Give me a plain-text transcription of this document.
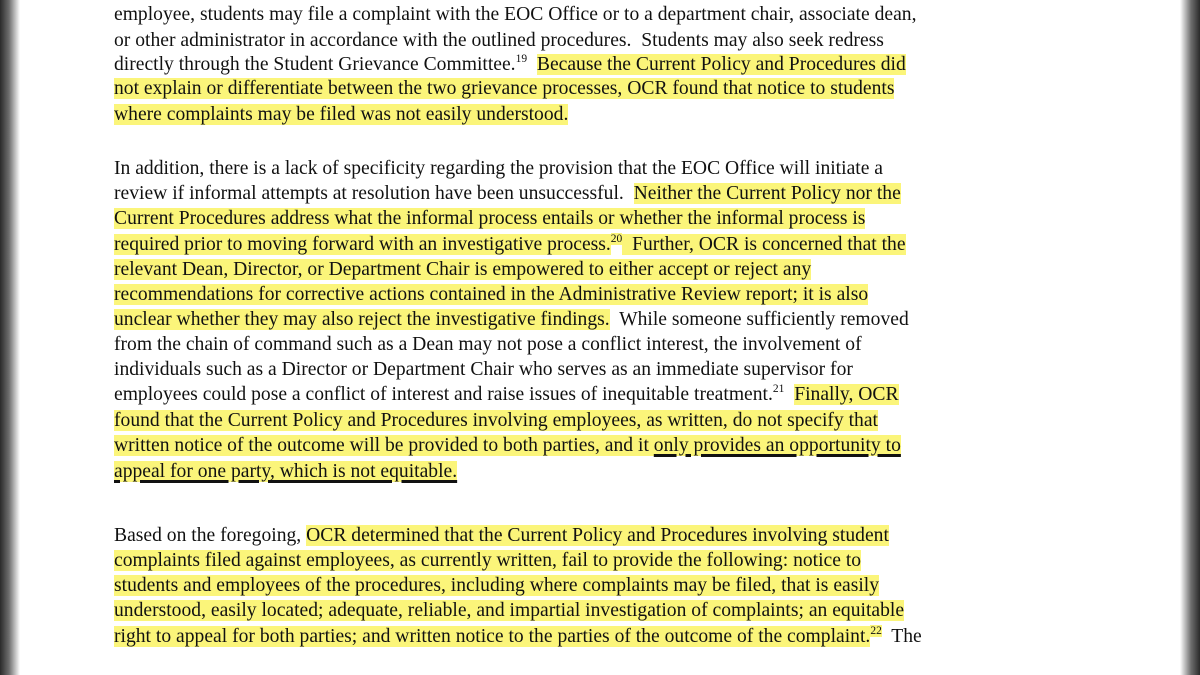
employee, students may file a complaint with the EOC Office or to a department chair, associate dean,
or other administrator in accordance with the outlined procedures.  Students may also seek redress
directly through the Student Grievance Committee.$^{19}$ Because the Current Policy and Procedures did
not explain or differentiate between the two grievance processes, OCR found that notice to students
where complaints may be filed was not easily understood.
In addition, there is a lack of specificity regarding the provision that the EOC Office will initiate a
review if informal attempts at resolution have been unsuccessful.  Neither the Current Policy nor the
Current Procedures address what the informal process entails or whether the informal process is
required prior to moving forward with an investigative process.$^{20}$  Further, OCR is concerned that the
relevant Dean, Director, or Department Chair is empowered to either accept or reject any
recommendations for corrective actions contained in the Administrative Review report; it is also
unclear whether they may also reject the investigative findings.  While someone sufficiently removed
from the chain of command such as a Dean may not pose a conflict interest, the involvement of
individuals such as a Director or Department Chair who serves as an immediate supervisor for
employees could pose a conflict of interest and raise issues of inequitable treatment.$^{21}$ Finally, OCR
found that the Current Policy and Procedures involving employees, as written, do not specify that
written notice of the outcome will be provided to both parties, and it only provides an opportunity to
appeal for one party, which is not equitable.
Based on the foregoing, OCR determined that the Current Policy and Procedures involving student
complaints filed against employees, as currently written, fail to provide the following: notice to
students and employees of the procedures, including where complaints may be filed, that is easily
understood, easily located; adequate, reliable, and impartial investigation of complaints; an equitable
right to appeal for both parties; and written notice to the parties of the outcome of the complaint.$^{22}$  The
